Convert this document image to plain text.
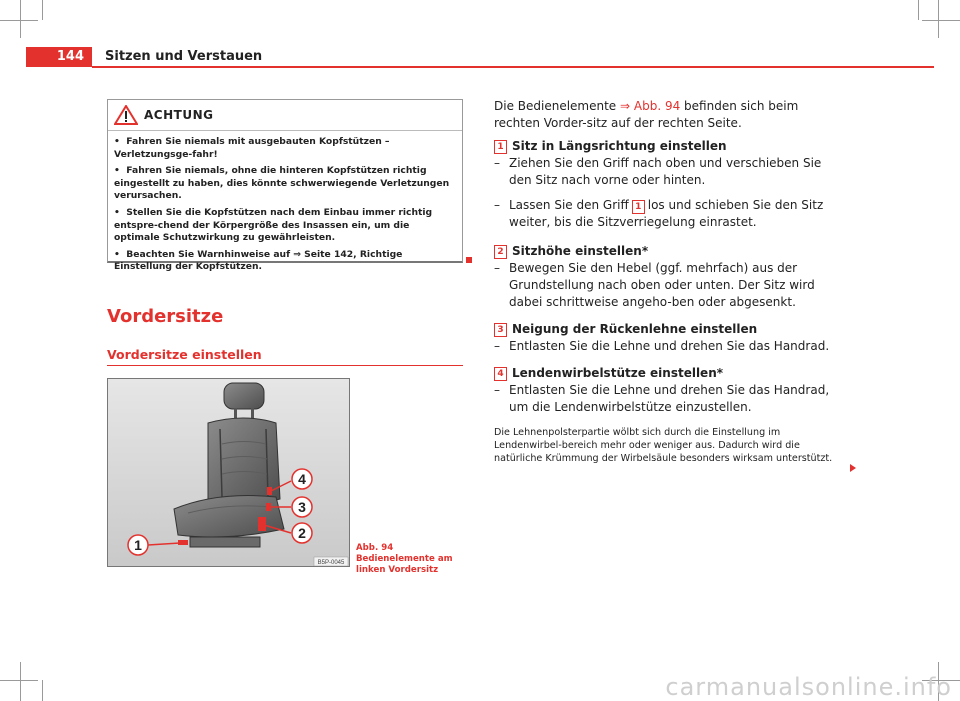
144	Sitzen und Verstauen
ACHTUNG

•  Fahren Sie niemals mit ausgebauten Kopfstützen – Verletzungsge-fahr!

•  Fahren Sie niemals, ohne die hinteren Kopfstützen richtig eingestellt zu haben, dies könnte schwerwiegende Verletzungen verursachen.

•  Stellen Sie die Kopfstützen nach dem Einbau immer richtig entspre-chend der Körpergröße des Insassen ein, um die optimale Schutzwirkung zu gewährleisten.

•  Beachten Sie Warnhinweise auf ⇒ Seite 142, Richtige Einstellung der Kopfstützen.

Vordersitze
Vordersitze einstellen
1
2
3
4
B5P-0045
Abb. 94 Bedienelemente am linken Vordersitz

Die Bedienelemente ⇒ Abb. 94 befinden sich beim rechten Vorder-sitz auf der rechten Seite.

1 Sitz in Längsrichtung einstellen

– Ziehen Sie den Griff nach oben und verschieben Sie den Sitz nach vorne oder hinten.

– Lassen Sie den Griff 1 los und schieben Sie den Sitz weiter, bis die Sitzverriegelung einrastet.

2 Sitzhöhe einstellen*

– Bewegen Sie den Hebel (ggf. mehrfach) aus der Grundstellung nach oben oder unten. Der Sitz wird dabei schrittweise angeho-ben oder abgesenkt.

3 Neigung der Rückenlehne einstellen

– Entlasten Sie die Lehne und drehen Sie das Handrad.

4 Lendenwirbelstütze einstellen*

– Entlasten Sie die Lehne und drehen Sie das Handrad, um die Lendenwirbelstütze einzustellen.

Die Lehnenpolsterpartie wölbt sich durch die Einstellung im Lendenwirbel-bereich mehr oder weniger aus. Dadurch wird die natürliche Krümmung der Wirbelsäule besonders wirksam unterstützt.

carmanualsonline.info
